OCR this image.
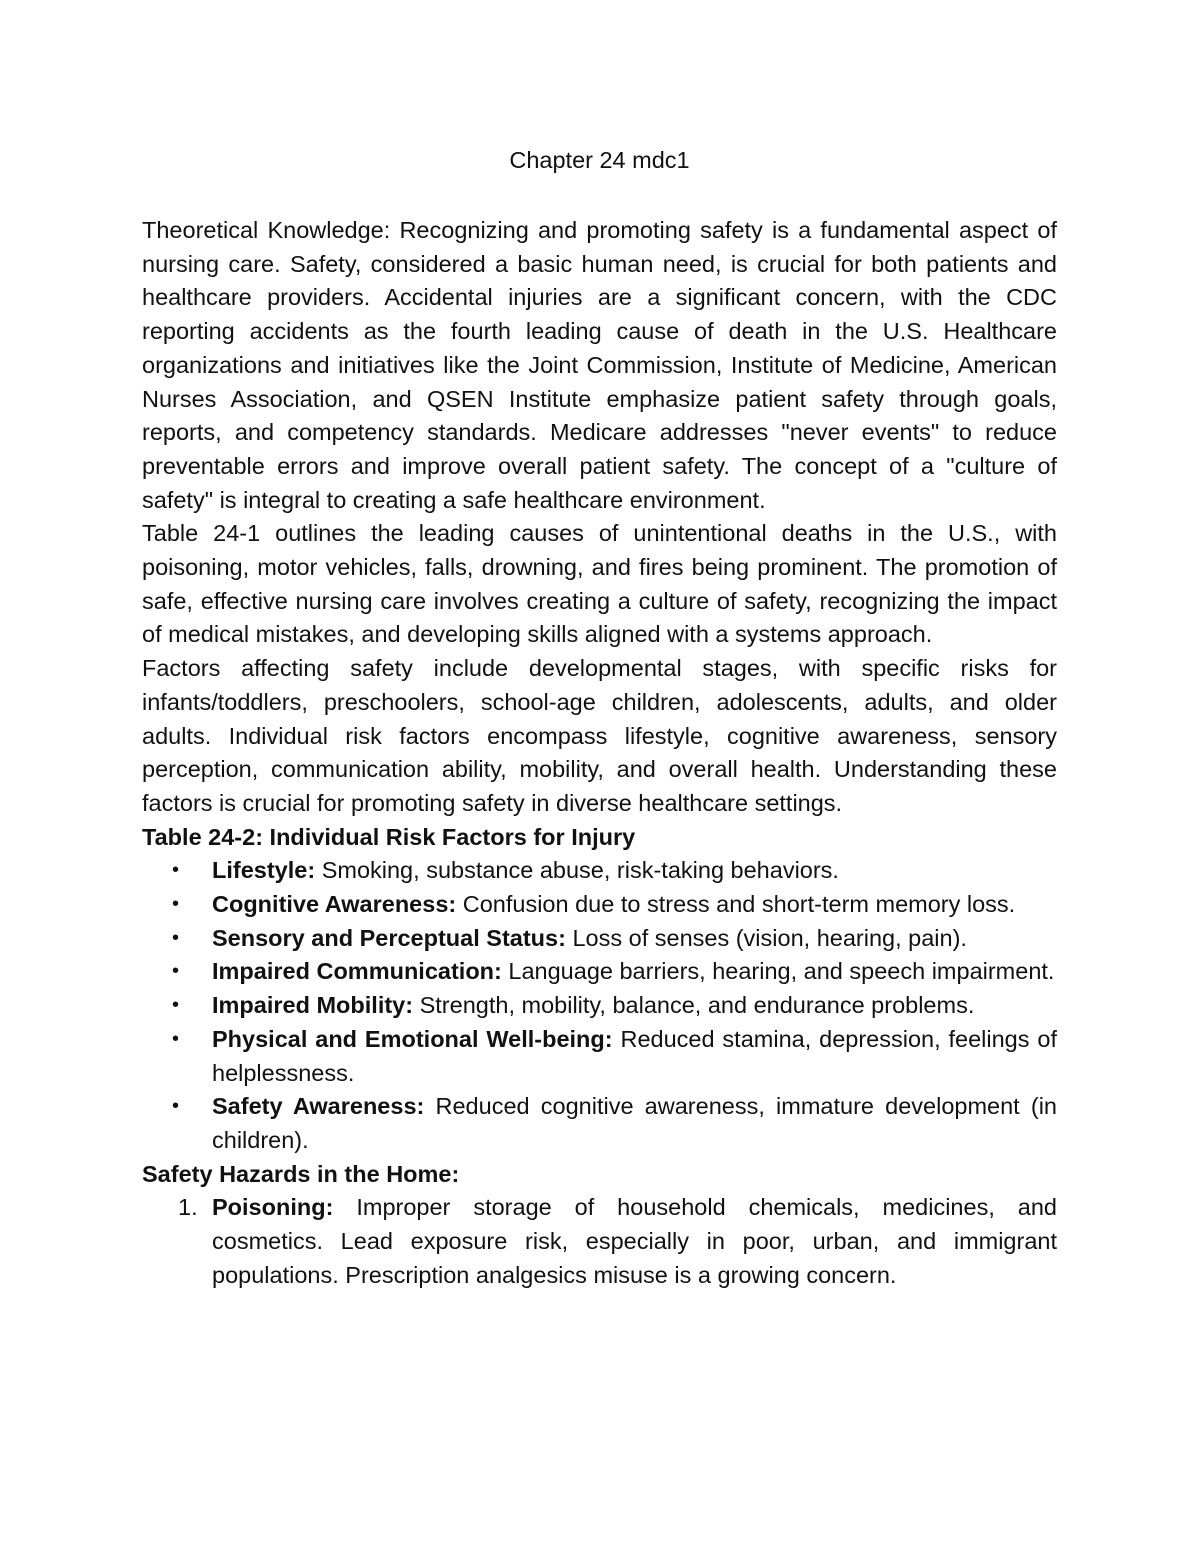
Chapter 24 mdc1

Theoretical Knowledge: Recognizing and promoting safety is a fundamental aspect of nursing care. Safety, considered a basic human need, is crucial for both patients and healthcare providers. Accidental injuries are a significant concern, with the CDC reporting accidents as the fourth leading cause of death in the U.S. Healthcare organizations and initiatives like the Joint Commission, Institute of Medicine, American Nurses Association, and QSEN Institute emphasize patient safety through goals, reports, and competency standards. Medicare addresses "never events" to reduce preventable errors and improve overall patient safety. The concept of a "culture of safety" is integral to creating a safe healthcare environment.

Table 24-1 outlines the leading causes of unintentional deaths in the U.S., with poisoning, motor vehicles, falls, drowning, and fires being prominent. The promotion of safe, effective nursing care involves creating a culture of safety, recognizing the impact of medical mistakes, and developing skills aligned with a systems approach.

Factors affecting safety include developmental stages, with specific risks for infants/toddlers, preschoolers, school-age children, adolescents, adults, and older adults. Individual risk factors encompass lifestyle, cognitive awareness, sensory perception, communication ability, mobility, and overall health. Understanding these factors is crucial for promoting safety in diverse healthcare settings.

Table 24-2: Individual Risk Factors for Injury
• Lifestyle: Smoking, substance abuse, risk-taking behaviors.
• Cognitive Awareness: Confusion due to stress and short-term memory loss.
• Sensory and Perceptual Status: Loss of senses (vision, hearing, pain).
• Impaired Communication: Language barriers, hearing, and speech impairment.
• Impaired Mobility: Strength, mobility, balance, and endurance problems.
• Physical and Emotional Well-being: Reduced stamina, depression, feelings of helplessness.
• Safety Awareness: Reduced cognitive awareness, immature development (in children).
Safety Hazards in the Home:
1. Poisoning: Improper storage of household chemicals, medicines, and cosmetics. Lead exposure risk, especially in poor, urban, and immigrant populations. Prescription analgesics misuse is a growing concern.
